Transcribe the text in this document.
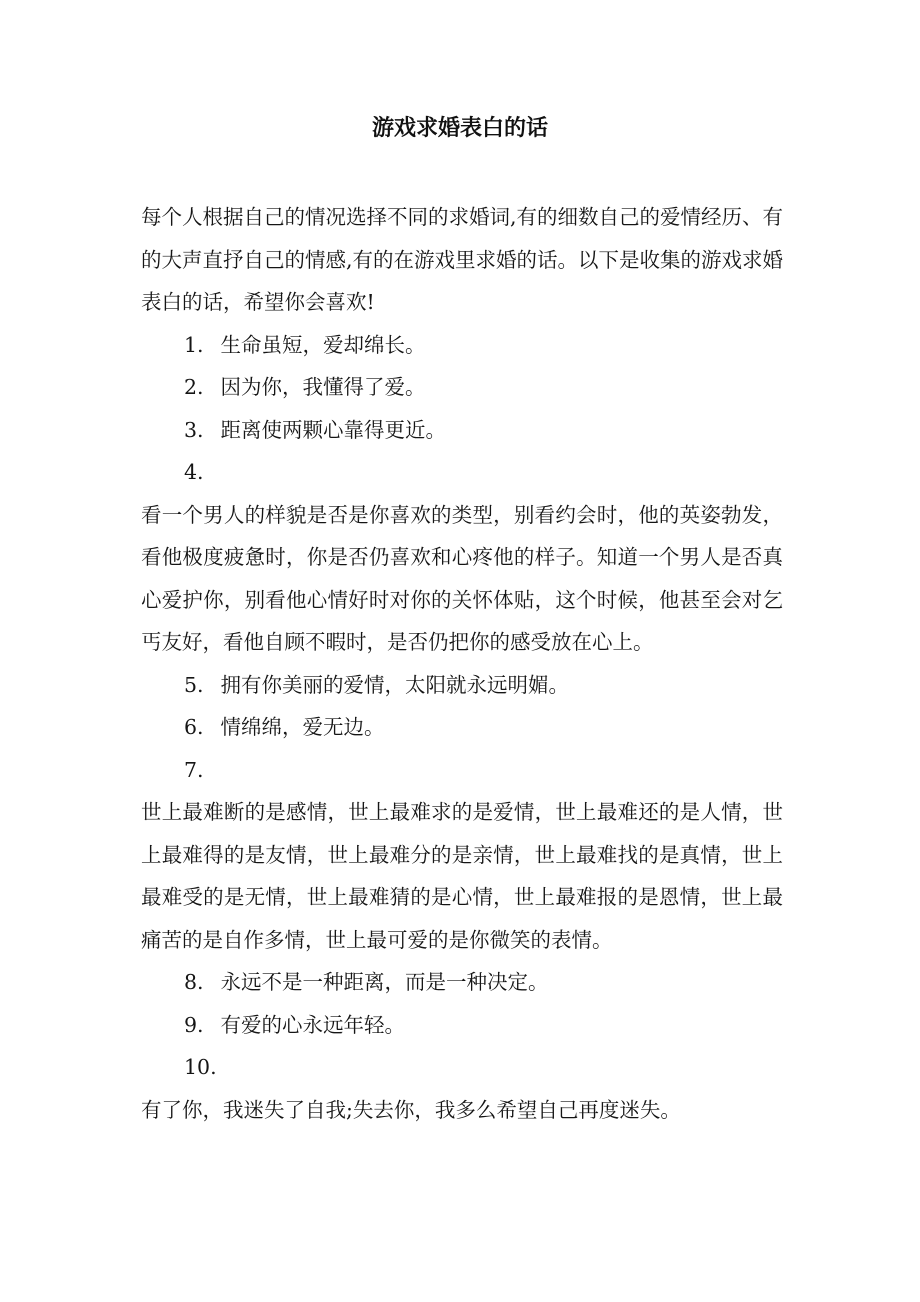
游戏求婚表白的话

每个人根据自己的情况选择不同的求婚词,有的细数自己的爱情经历、有的大声直抒自己的情感,有的在游戏里求婚的话。以下是收集的游戏求婚表白的话，希望你会喜欢!

1. 生命虽短，爱却绵长。

2. 因为你，我懂得了爱。

3. 距离使两颗心靠得更近。

4.

看一个男人的样貌是否是你喜欢的类型，别看约会时，他的英姿勃发，看他极度疲惫时，你是否仍喜欢和心疼他的样子。知道一个男人是否真心爱护你，别看他心情好时对你的关怀体贴，这个时候，他甚至会对乞丐友好，看他自顾不暇时，是否仍把你的感受放在心上。

5. 拥有你美丽的爱情，太阳就永远明媚。

6. 情绵绵，爱无边。

7.

世上最难断的是感情，世上最难求的是爱情，世上最难还的是人情，世上最难得的是友情，世上最难分的是亲情，世上最难找的是真情，世上最难受的是无情，世上最难猜的是心情，世上最难报的是恩情，世上最痛苦的是自作多情，世上最可爱的是你微笑的表情。

8. 永远不是一种距离，而是一种决定。

9. 有爱的心永远年轻。

10.

有了你，我迷失了自我;失去你，我多么希望自己再度迷失。
